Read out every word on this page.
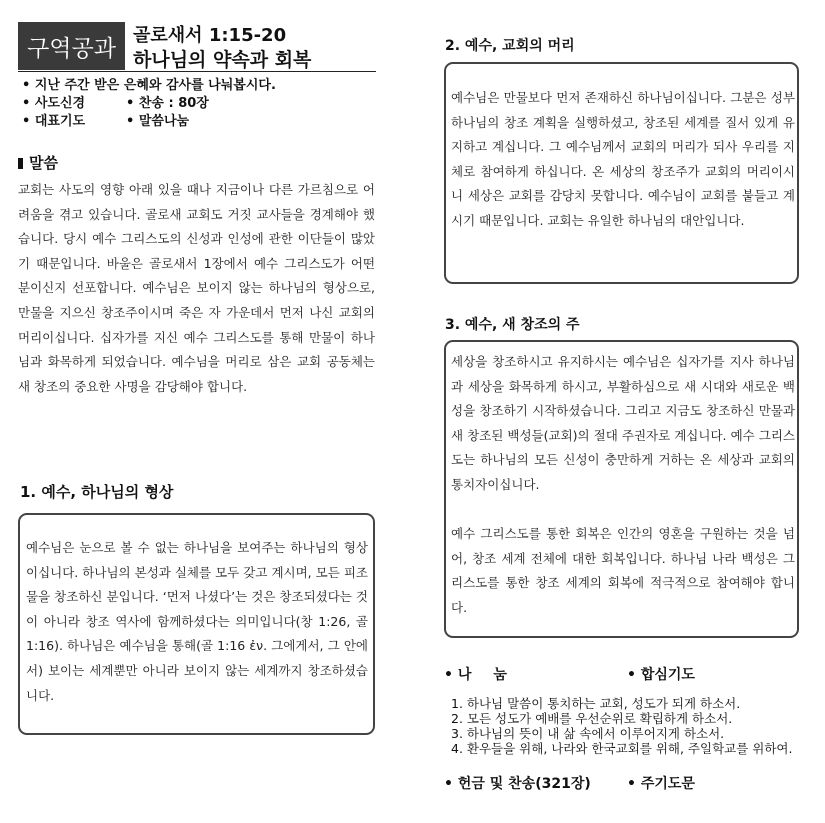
구역공과 골로새서 1:15-20
하나님의 약속과 회복
• 지난 주간 받은 은혜와 감사를 나눠봅시다.
• 사도신경	• 찬송 : 80장
• 대표기도	• 말씀나눔
말씀
교회는 사도의 영향 아래 있을 때나 지금이나 다른 가르침으로 어려움을 겪고 있습니다. 골로새 교회도 거짓 교사들을 경계해야 했습니다. 당시 예수 그리스도의 신성과 인성에 관한 이단들이 많았기 때문입니다. 바울은 골로새서 1장에서 예수 그리스도가 어떤 분이신지 선포합니다. 예수님은 보이지 않는 하나님의 형상으로, 만물을 지으신 창조주이시며 죽은 자 가운데서 먼저 나신 교회의 머리이십니다. 십자가를 지신 예수 그리스도를 통해 만물이 하나님과 화목하게 되었습니다. 예수님을 머리로 삼은 교회 공동체는 새 창조의 중요한 사명을 감당해야 합니다.
1. 예수, 하나님의 형상
예수님은 눈으로 볼 수 없는 하나님을 보여주는 하나님의 형상이십니다. 하나님의 본성과 실체를 모두 갖고 계시며, 모든 피조물을 창조하신 분입니다. ‘먼저 나셨다’는 것은 창조되셨다는 것이 아니라 창조 역사에 함께하셨다는 의미입니다(창 1:26, 골 1:16). 하나님은 예수님을 통해(골 1:16 ἐν. 그에게서, 그 안에서) 보이는 세계뿐만 아니라 보이지 않는 세계까지 창조하셨습니다.
2. 예수, 교회의 머리
예수님은 만물보다 먼저 존재하신 하나님이십니다. 그분은 성부 하나님의 창조 계획을 실행하셨고, 창조된 세계를 질서 있게 유지하고 계십니다. 그 예수님께서 교회의 머리가 되사 우리를 지체로 참여하게 하십니다. 온 세상의 창조주가 교회의 머리이시니 세상은 교회를 감당치 못합니다. 예수님이 교회를 붙들고 계시기 때문입니다. 교회는 유일한 하나님의 대안입니다.
3. 예수, 새 창조의 주
세상을 창조하시고 유지하시는 예수님은 십자가를 지사 하나님과 세상을 화목하게 하시고, 부활하심으로 새 시대와 새로운 백성을 창조하기 시작하셨습니다. 그리고 지금도 창조하신 만물과 새 창조된 백성들(교회)의 절대 주권자로 계십니다. 예수 그리스도는 하나님의 모든 신성이 충만하게 거하는 온 세상과 교회의 통치자이십니다.
예수 그리스도를 통한 회복은 인간의 영혼을 구원하는 것을 넘어, 창조 세계 전체에 대한 회복입니다. 하나님 나라 백성은 그리스도를 통한 창조 세계의 회복에 적극적으로 참여해야 합니다.
• 나 눔	• 합심기도
1. 하나님 말씀이 통치하는 교회, 성도가 되게 하소서.
2. 모든 성도가 예배를 우선순위로 확립하게 하소서.
3. 하나님의 뜻이 내 삶 속에서 이루어지게 하소서.
4. 환우들을 위해, 나라와 한국교회를 위해, 주일학교를 위하여.
• 헌금 및 찬송(321장)	• 주기도문
